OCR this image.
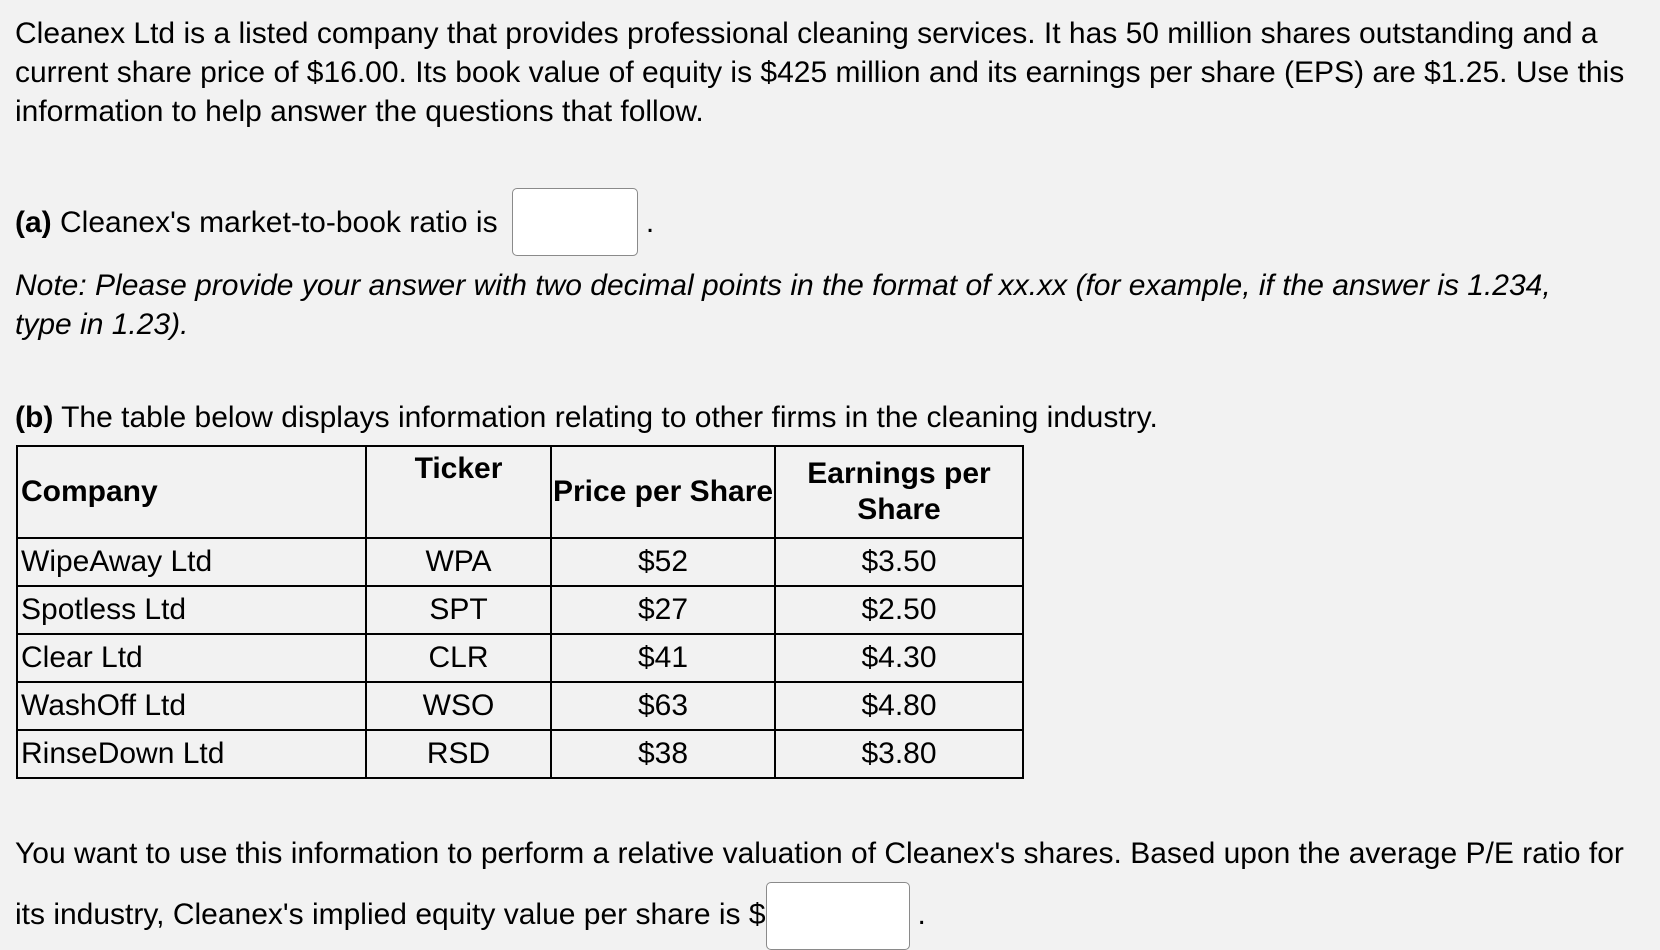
Cleanex Ltd is a listed company that provides professional cleaning services. It has 50 million shares outstanding and a current share price of $16.00. Its book value of equity is $425 million and its earnings per share (EPS) are $1.25. Use this information to help answer the questions that follow.

(a) Cleanex's market-to-book ratio is	.

Note: Please provide your answer with two decimal points in the format of xx.xx (for example, if the answer is 1.234, type in 1.23).

(b) The table below displays information relating to other firms in the cleaning industry.

Company	Ticker	Price per Share	Earnings per Share
WipeAway Ltd	WPA	$52	$3.50
Spotless Ltd	SPT	$27	$2.50
Clear Ltd	CLR	$41	$4.30
WashOff Ltd	WSO	$63	$4.80
RinseDown Ltd	RSD	$38	$3.80

You want to use this information to perform a relative valuation of Cleanex's shares. Based upon the average P/E ratio for its industry, Cleanex's implied equity value per share is $	.
